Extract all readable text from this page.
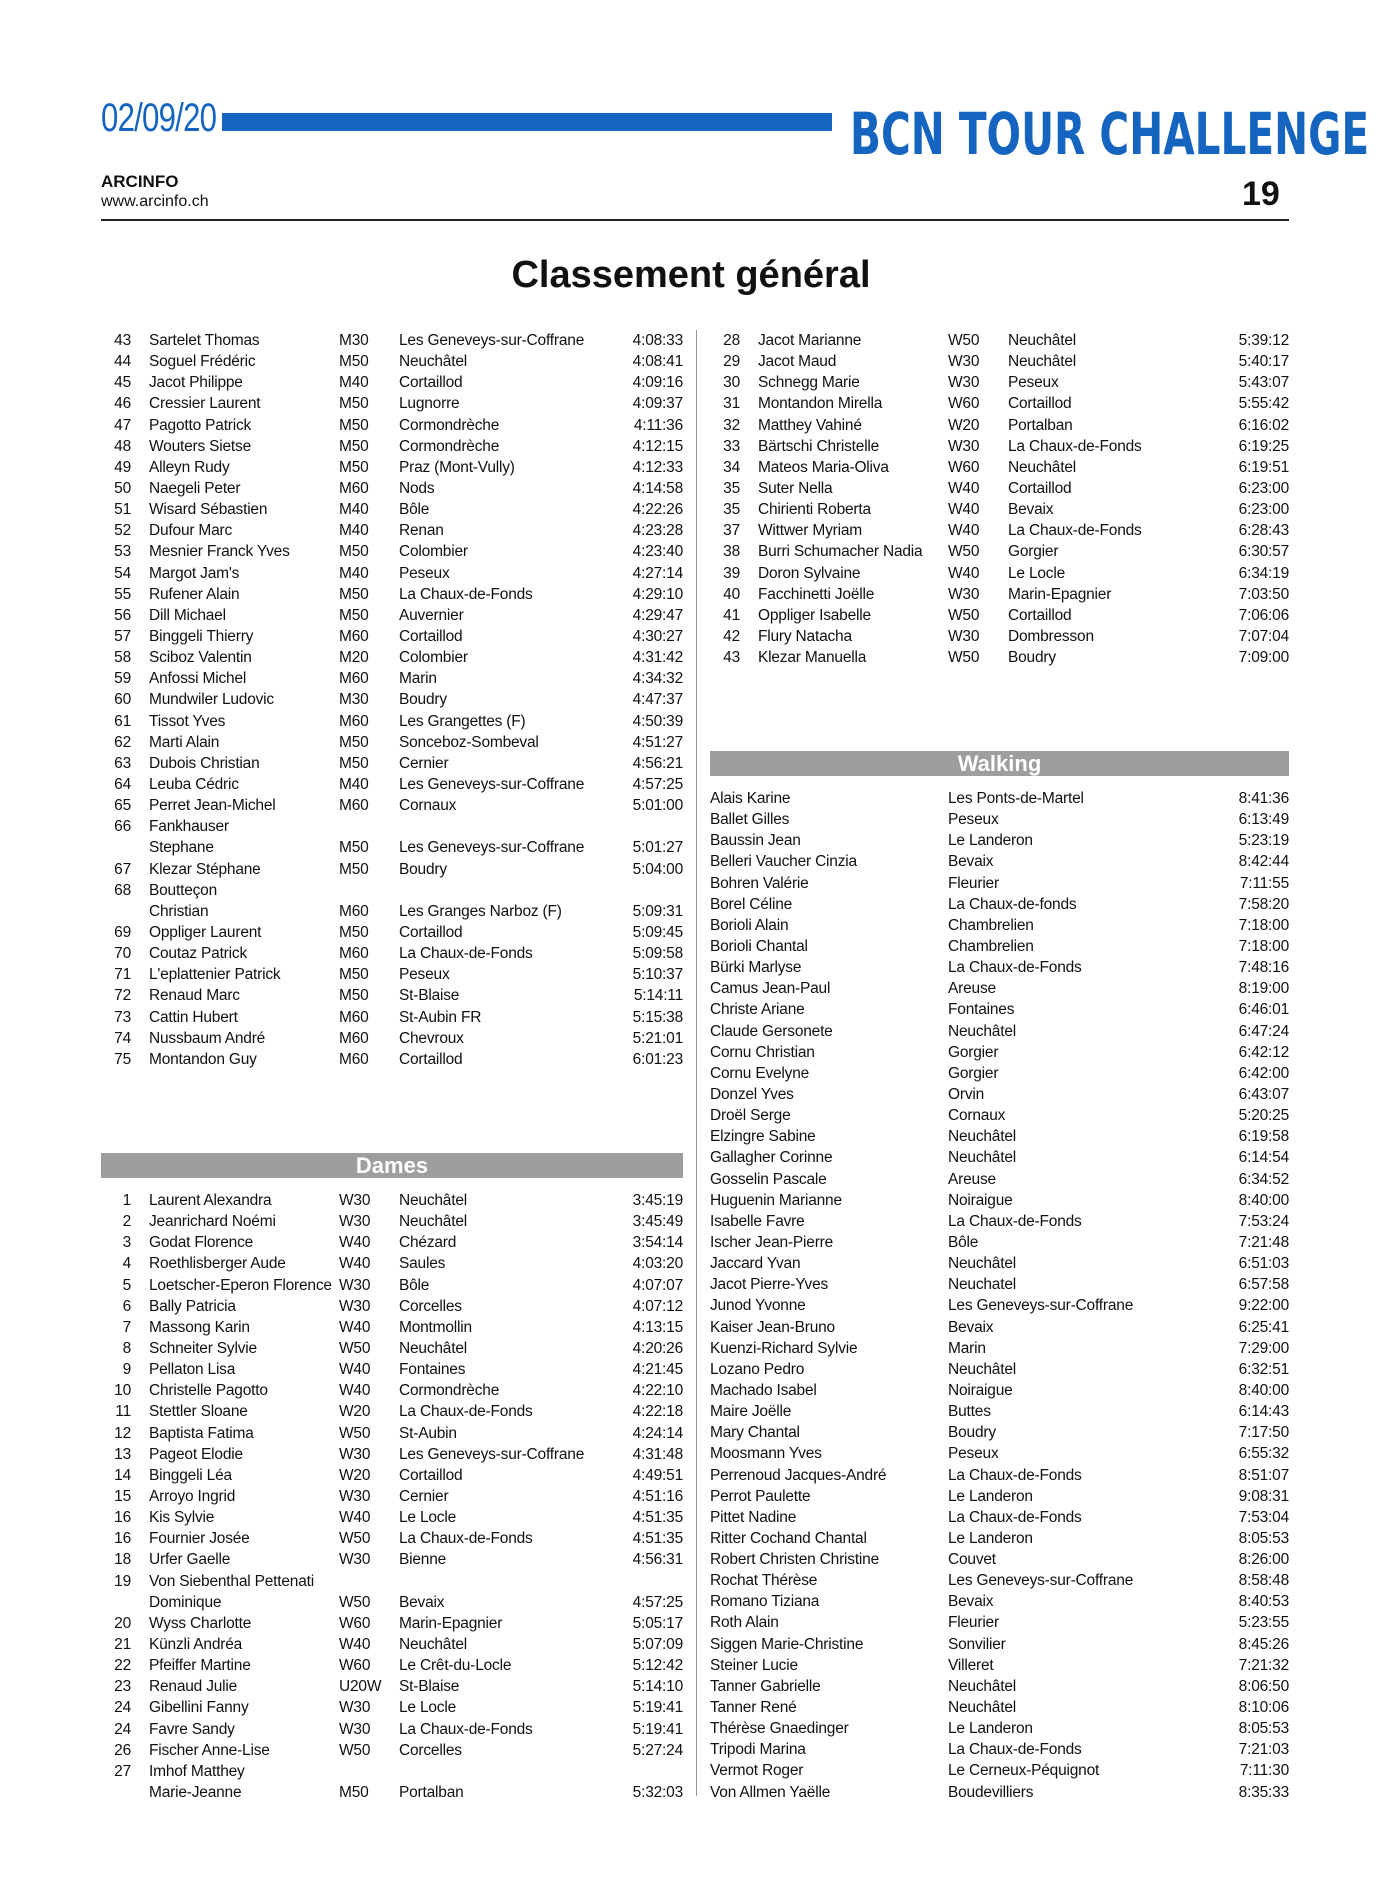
02/09/20	BCN TOUR CHALLENGE
ARCINFO
www.arcinfo.ch	19
Classement général
43 Sartelet Thomas	M30 Les Geneveys-sur-Coffrane	4:08:33
44 Soguel Frédéric	M50 Neuchâtel	4:08:41
45 Jacot Philippe	M40 Cortaillod	4:09:16
46 Cressier Laurent	M50 Lugnorre	4:09:37
47 Pagotto Patrick	M50 Cormondrèche	4:11:36
48 Wouters Sietse	M50 Cormondrèche	4:12:15
49 Alleyn Rudy	M50 Praz (Mont-Vully)	4:12:33
50 Naegeli Peter	M60 Nods	4:14:58
51 Wisard Sébastien	M40 Bôle	4:22:26
52 Dufour Marc	M40 Renan	4:23:28
53 Mesnier Franck Yves	M50 Colombier	4:23:40
54 Margot Jam's	M40 Peseux	4:27:14
55 Rufener Alain	M50 La Chaux-de-Fonds	4:29:10
56 Dill Michael	M50 Auvernier	4:29:47
57 Binggeli Thierry	M60 Cortaillod	4:30:27
58 Sciboz Valentin	M20 Colombier	4:31:42
59 Anfossi Michel	M60 Marin	4:34:32
60 Mundwiler Ludovic	M30 Boudry	4:47:37
61 Tissot Yves	M60 Les Grangettes (F)	4:50:39
62 Marti Alain	M50 Sonceboz-Sombeval	4:51:27
63 Dubois Christian	M50 Cernier	4:56:21
64 Leuba Cédric	M40 Les Geneveys-sur-Coffrane	4:57:25
65 Perret Jean-Michel	M60 Cornaux	5:01:00
66 Fankhauser
Stephane	M50 Les Geneveys-sur-Coffrane	5:01:27
67 Klezar Stéphane	M50 Boudry	5:04:00
68 Boutteçon
Christian	M60 Les Granges Narboz (F)	5:09:31
69 Oppliger Laurent	M50 Cortaillod	5:09:45
70 Coutaz Patrick	M60 La Chaux-de-Fonds	5:09:58
71 L'eplattenier Patrick	M50 Peseux	5:10:37
72 Renaud Marc	M50 St-Blaise	5:14:11
73 Cattin Hubert	M60 St-Aubin FR	5:15:38
74 Nussbaum André	M60 Chevroux	5:21:01
75 Montandon Guy	M60 Cortaillod	6:01:23
Dames
1 Laurent Alexandra	W30 Neuchâtel	3:45:19
2 Jeanrichard Noémi	W30 Neuchâtel	3:45:49
3 Godat Florence	W40 Chézard	3:54:14
4 Roethlisberger Aude	W40 Saules	4:03:20
5 Loetscher-Eperon Florence W30 Bôle	4:07:07
6 Bally Patricia	W30 Corcelles	4:07:12
7 Massong Karin	W40 Montmollin	4:13:15
8 Schneiter Sylvie	W50 Neuchâtel	4:20:26
9 Pellaton Lisa	W40 Fontaines	4:21:45
10 Christelle Pagotto	W40 Cormondrèche	4:22:10
11 Stettler Sloane	W20 La Chaux-de-Fonds	4:22:18
12 Baptista Fatima	W50 St-Aubin	4:24:14
13 Pageot Elodie	W30 Les Geneveys-sur-Coffrane	4:31:48
14 Binggeli Léa	W20 Cortaillod	4:49:51
15 Arroyo Ingrid	W30 Cernier	4:51:16
16 Kis Sylvie	W40 Le Locle	4:51:35
16 Fournier Josée	W50 La Chaux-de-Fonds	4:51:35
18 Urfer Gaelle	W30 Bienne	4:56:31
19 Von Siebenthal Pettenati
Dominique	W50 Bevaix	4:57:25
20 Wyss Charlotte	W60 Marin-Epagnier	5:05:17
21 Künzli Andréa	W40 Neuchâtel	5:07:09
22 Pfeiffer Martine	W60 Le Crêt-du-Locle	5:12:42
23 Renaud Julie	U20W St-Blaise	5:14:10
24 Gibellini Fanny	W30 Le Locle	5:19:41
24 Favre Sandy	W30 La Chaux-de-Fonds	5:19:41
26 Fischer Anne-Lise	W50 Corcelles	5:27:24
27 Imhof Matthey
Marie-Jeanne	M50 Portalban	5:32:03
28 Jacot Marianne	W50 Neuchâtel	5:39:12
29 Jacot Maud	W30 Neuchâtel	5:40:17
30 Schnegg Marie	W30 Peseux	5:43:07
31 Montandon Mirella	W60 Cortaillod	5:55:42
32 Matthey Vahiné	W20 Portalban	6:16:02
33 Bärtschi Christelle	W30 La Chaux-de-Fonds	6:19:25
34 Mateos Maria-Oliva	W60 Neuchâtel	6:19:51
35 Suter Nella	W40 Cortaillod	6:23:00
35 Chirienti Roberta	W40 Bevaix	6:23:00
37 Wittwer Myriam	W40 La Chaux-de-Fonds	6:28:43
38 Burri Schumacher Nadia W50 Gorgier	6:30:57
39 Doron Sylvaine	W40 Le Locle	6:34:19
40 Facchinetti Joëlle	W30 Marin-Epagnier	7:03:50
41 Oppliger Isabelle	W50 Cortaillod	7:06:06
42 Flury Natacha	W30 Dombresson	7:07:04
43 Klezar Manuella	W50 Boudry	7:09:00
Walking
Alais Karine	Les Ponts-de-Martel	8:41:36
Ballet Gilles	Peseux	6:13:49
Baussin Jean	Le Landeron	5:23:19
Belleri Vaucher Cinzia	Bevaix	8:42:44
Bohren Valérie	Fleurier	7:11:55
Borel Céline	La Chaux-de-fonds	7:58:20
Borioli Alain	Chambrelien	7:18:00
Borioli Chantal	Chambrelien	7:18:00
Bürki Marlyse	La Chaux-de-Fonds	7:48:16
Camus Jean-Paul	Areuse	8:19:00
Christe Ariane	Fontaines	6:46:01
Claude Gersonete	Neuchâtel	6:47:24
Cornu Christian	Gorgier	6:42:12
Cornu Evelyne	Gorgier	6:42:00
Donzel Yves	Orvin	6:43:07
Droël Serge	Cornaux	5:20:25
Elzingre Sabine	Neuchâtel	6:19:58
Gallagher Corinne	Neuchâtel	6:14:54
Gosselin Pascale	Areuse	6:34:52
Huguenin Marianne	Noiraigue	8:40:00
Isabelle Favre	La Chaux-de-Fonds	7:53:24
Ischer Jean-Pierre	Bôle	7:21:48
Jaccard Yvan	Neuchâtel	6:51:03
Jacot Pierre-Yves	Neuchatel	6:57:58
Junod Yvonne	Les Geneveys-sur-Coffrane	9:22:00
Kaiser Jean-Bruno	Bevaix	6:25:41
Kuenzi-Richard Sylvie	Marin	7:29:00
Lozano Pedro	Neuchâtel	6:32:51
Machado Isabel	Noiraigue	8:40:00
Maire Joëlle	Buttes	6:14:43
Mary Chantal	Boudry	7:17:50
Moosmann Yves	Peseux	6:55:32
Perrenoud Jacques-André	La Chaux-de-Fonds	8:51:07
Perrot Paulette	Le Landeron	9:08:31
Pittet Nadine	La Chaux-de-Fonds	7:53:04
Ritter Cochand Chantal	Le Landeron	8:05:53
Robert Christen Christine	Couvet	8:26:00
Rochat Thérèse	Les Geneveys-sur-Coffrane	8:58:48
Romano Tiziana	Bevaix	8:40:53
Roth Alain	Fleurier	5:23:55
Siggen Marie-Christine	Sonvilier	8:45:26
Steiner Lucie	Villeret	7:21:32
Tanner Gabrielle	Neuchâtel	8:06:50
Tanner René	Neuchâtel	8:10:06
Thérèse Gnaedinger	Le Landeron	8:05:53
Tripodi Marina	La Chaux-de-Fonds	7:21:03
Vermot Roger	Le Cerneux-Péquignot	7:11:30
Von Allmen Yaëlle	Boudevilliers	8:35:33
